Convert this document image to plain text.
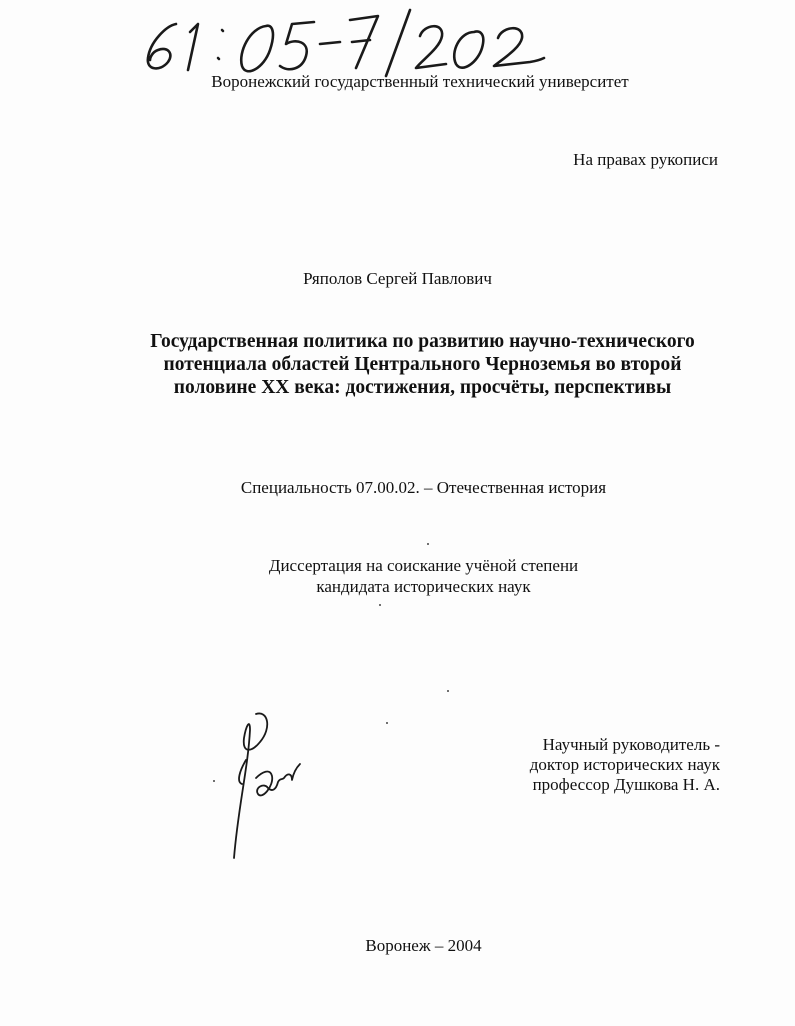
Воронежский государственный технический университет
На правах рукописи
Ряполов Сергей Павлович
Государственная политика по развитию научно-технического
потенциала областей Центрального Черноземья во второй
половине XX века: достижения, просчёты, перспективы
Специальность 07.00.02. – Отечественная история
Диссертация на соискание учёной степени
кандидата исторических наук
Научный руководитель -
доктор исторических наук
профессор Душкова Н. А.
Воронеж – 2004
